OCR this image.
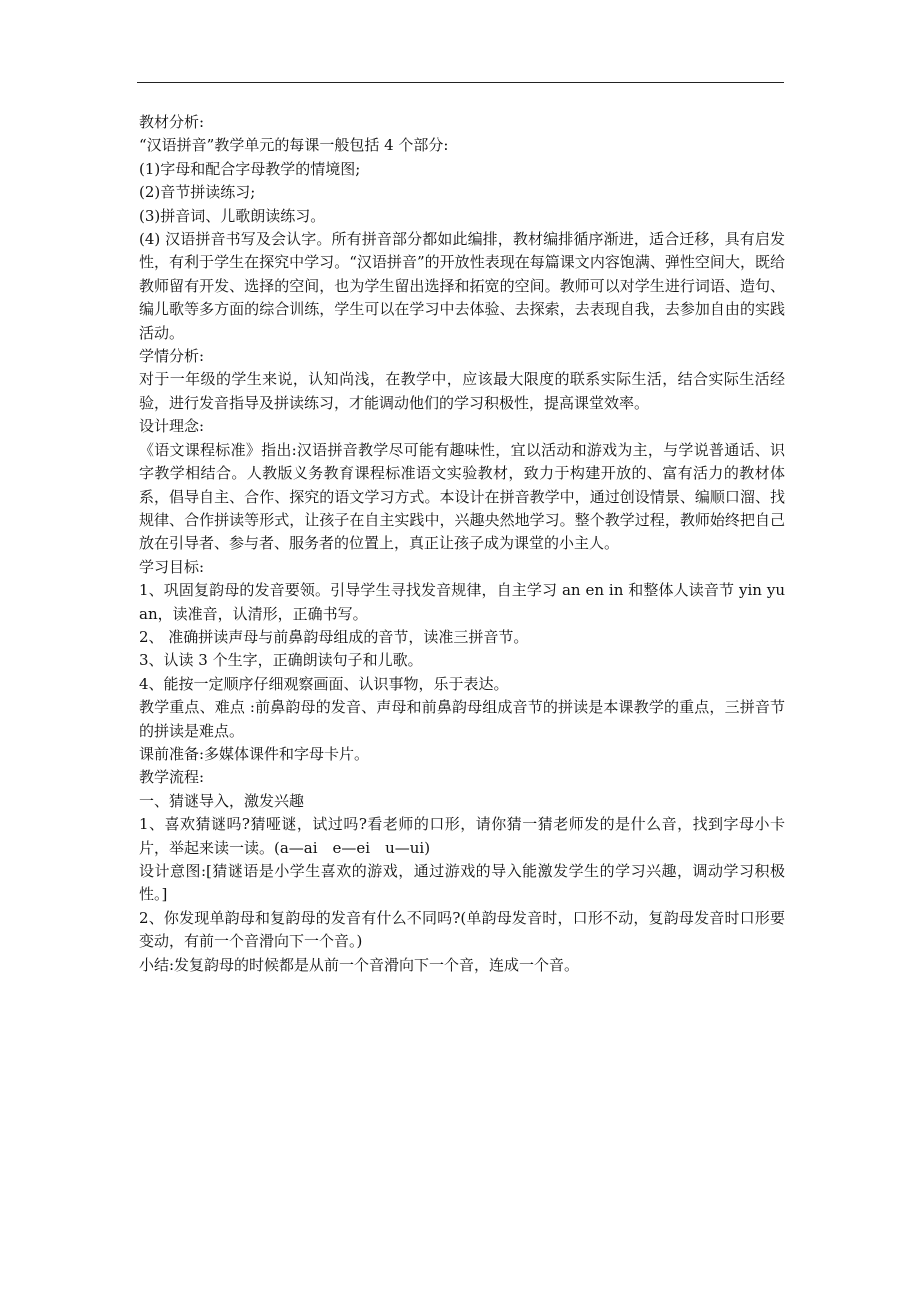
教材分析:

“汉语拼音”教学单元的每课一般包括 4 个部分:

(1)字母和配合字母教学的情境图;

(2)音节拼读练习;

(3)拼音词、儿歌朗读练习。

(4) 汉语拼音书写及会认字。所有拼音部分都如此编排，教材编排循序渐进，适合迁移，具有启发性，有利于学生在探究中学习。“汉语拼音”的开放性表现在每篇课文内容饱满、弹性空间大，既给教师留有开发、选择的空间，也为学生留出选择和拓宽的空间。教师可以对学生进行词语、造句、编儿歌等多方面的综合训练，学生可以在学习中去体验、去探索，去表现自我，去参加自由的实践活动。

学情分析:

对于一年级的学生来说，认知尚浅，在教学中，应该最大限度的联系实际生活，结合实际生活经验，进行发音指导及拼读练习，才能调动他们的学习积极性，提高课堂效率。

设计理念:

《语文课程标准》指出:汉语拼音教学尽可能有趣味性，宜以活动和游戏为主，与学说普通话、识字教学相结合。人教版义务教育课程标准语文实验教材，致力于构建开放的、富有活力的教材体系，倡导自主、合作、探究的语文学习方式。本设计在拼音教学中，通过创设情景、编顺口溜、找规律、合作拼读等形式，让孩子在自主实践中，兴趣央然地学习。整个教学过程，教师始终把自己放在引导者、参与者、服务者的位置上，真正让孩子成为课堂的小主人。

学习目标:

1、巩固复韵母的发音要领。引导学生寻找发音规律，自主学习 an en in 和整体人读音节 yin yuan，读准音，认清形，正确书写。

2、 准确拼读声母与前鼻韵母组成的音节，读准三拼音节。

3、认读 3 个生字，正确朗读句子和儿歌。

4、能按一定顺序仔细观察画面、认识事物，乐于表达。

教学重点、难点 :前鼻韵母的发音、声母和前鼻韵母组成音节的拼读是本课教学的重点，三拼音节的拼读是难点。

课前准备:多媒体课件和字母卡片。

教学流程:

一、猜谜导入，激发兴趣

1、喜欢猜谜吗?猜哑谜，试过吗?看老师的口形，请你猜一猜老师发的是什么音，找到字母小卡片，举起来读一读。(a—ai　e—ei　u—ui)

设计意图:[猜谜语是小学生喜欢的游戏，通过游戏的导入能激发学生的学习兴趣，调动学习积极性。]

2、你发现单韵母和复韵母的发音有什么不同吗?(单韵母发音时，口形不动，复韵母发音时口形要变动，有前一个音滑向下一个音。)

小结:发复韵母的时候都是从前一个音滑向下一个音，连成一个音。
